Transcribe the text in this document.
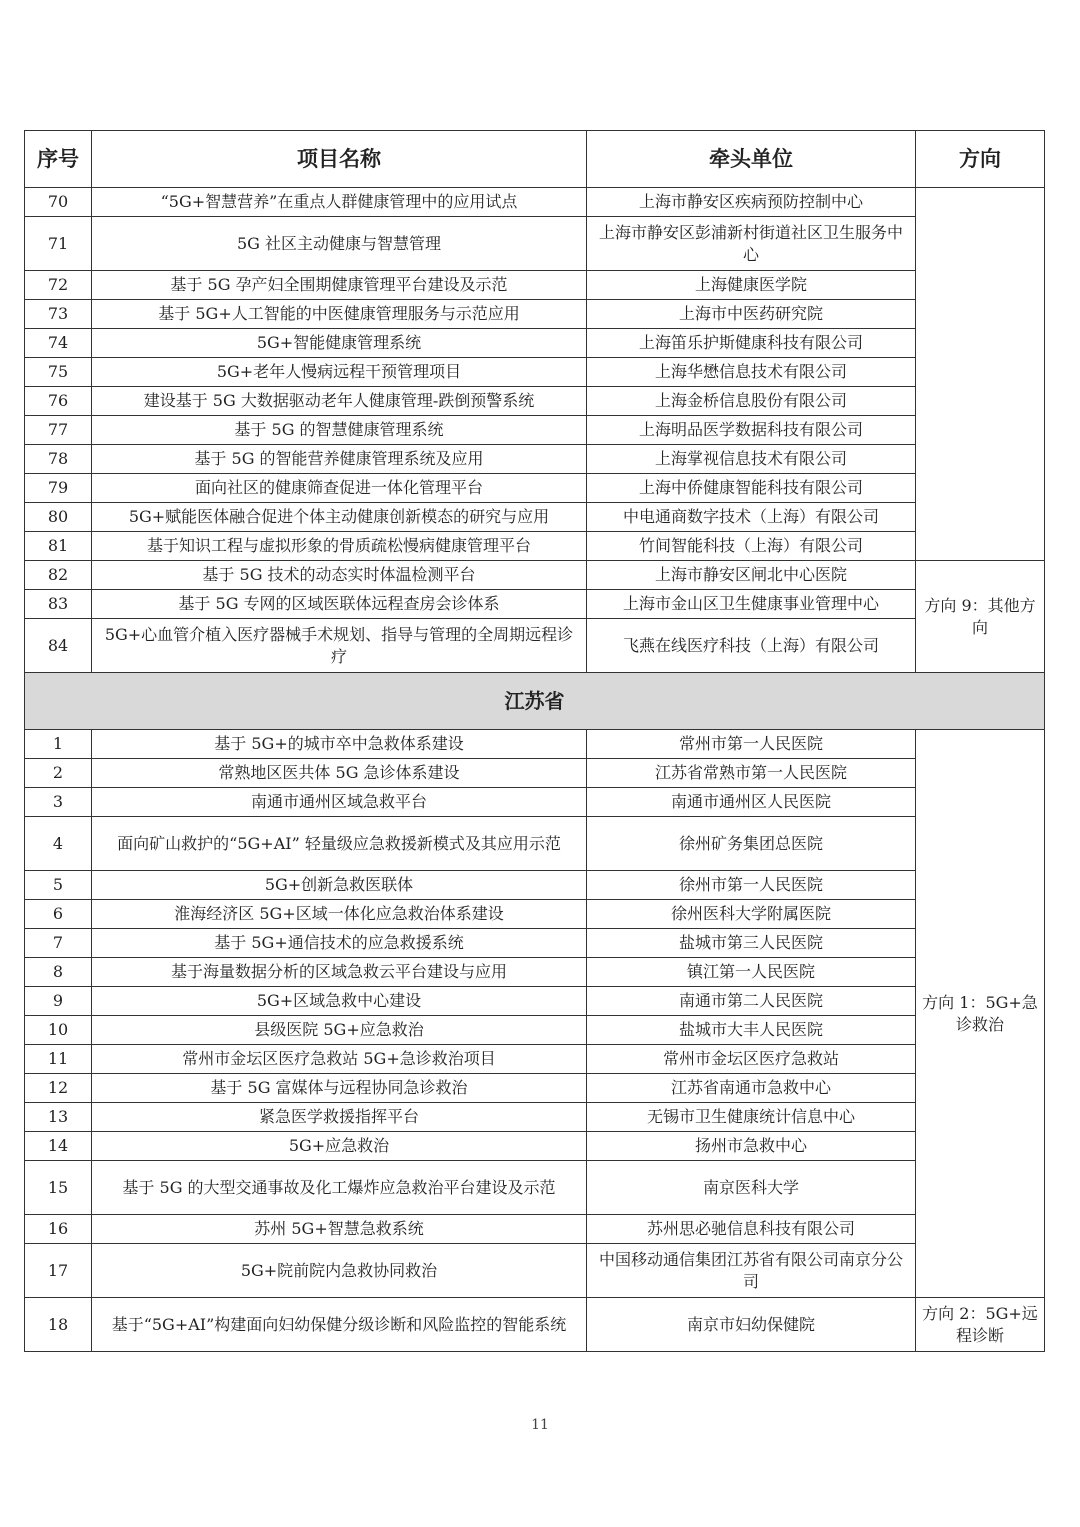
序号	项目名称	牵头单位	方向
70	“5G+智慧营养”在重点人群健康管理中的应用试点	上海市静安区疾病预防控制中心	
71	5G 社区主动健康与智慧管理	上海市静安区彭浦新村街道社区卫生服务中心	
72	基于 5G 孕产妇全围期健康管理平台建设及示范	上海健康医学院	
73	基于 5G+人工智能的中医健康管理服务与示范应用	上海市中医药研究院	
74	5G+智能健康管理系统	上海笛乐护斯健康科技有限公司	
75	5G+老年人慢病远程干预管理项目	上海华懋信息技术有限公司	
76	建设基于 5G 大数据驱动老年人健康管理-跌倒预警系统	上海金桥信息股份有限公司	
77	基于 5G 的智慧健康管理系统	上海明品医学数据科技有限公司	
78	基于 5G 的智能营养健康管理系统及应用	上海掌视信息技术有限公司	
79	面向社区的健康筛查促进一体化管理平台	上海中侨健康智能科技有限公司	
80	5G+赋能医体融合促进个体主动健康创新模态的研究与应用	中电通商数字技术（上海）有限公司	
81	基于知识工程与虚拟形象的骨质疏松慢病健康管理平台	竹间智能科技（上海）有限公司	
82	基于 5G 技术的动态实时体温检测平台	上海市静安区闸北中心医院	方向 9：其他方向
83	基于 5G 专网的区域医联体远程查房会诊体系	上海市金山区卫生健康事业管理中心	
84	5G+心血管介植入医疗器械手术规划、指导与管理的全周期远程诊疗	飞燕在线医疗科技（上海）有限公司	
江苏省			
1	基于 5G+的城市卒中急救体系建设	常州市第一人民医院	方向 1：5G+急诊救治
2	常熟地区医共体 5G 急诊体系建设	江苏省常熟市第一人民医院	
3	南通市通州区域急救平台	南通市通州区人民医院	
4	面向矿山救护的“5G+AI” 轻量级应急救援新模式及其应用示范	徐州矿务集团总医院	
5	5G+创新急救医联体	徐州市第一人民医院	
6	淮海经济区 5G+区域一体化应急救治体系建设	徐州医科大学附属医院	
7	基于 5G+通信技术的应急救援系统	盐城市第三人民医院	
8	基于海量数据分析的区域急救云平台建设与应用	镇江第一人民医院	
9	5G+区域急救中心建设	南通市第二人民医院	
10	县级医院 5G+应急救治	盐城市大丰人民医院	
11	常州市金坛区医疗急救站 5G+急诊救治项目	常州市金坛区医疗急救站	
12	基于 5G 富媒体与远程协同急诊救治	江苏省南通市急救中心	
13	紧急医学救援指挥平台	无锡市卫生健康统计信息中心	
14	5G+应急救治	扬州市急救中心	
15	基于 5G 的大型交通事故及化工爆炸应急救治平台建设及示范	南京医科大学	
16	苏州 5G+智慧急救系统	苏州思必驰信息科技有限公司	
17	5G+院前院内急救协同救治	中国移动通信集团江苏省有限公司南京分公司	
18	基于“5G+AI”构建面向妇幼保健分级诊断和风险监控的智能系统	南京市妇幼保健院	方向 2：5G+远程诊断
11
